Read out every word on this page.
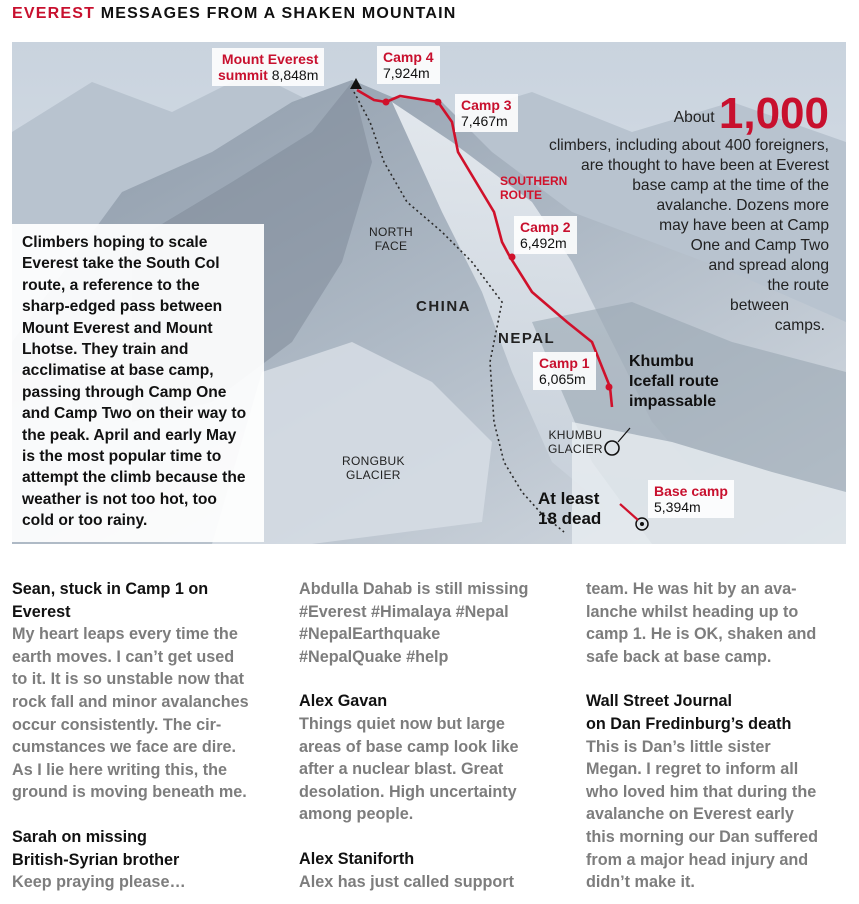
EVEREST MESSAGES FROM A SHAKEN MOUNTAIN
Mount Everest
summit 8,848m
Camp 4
7,924m
Camp 3
7,467m
SOUTHERN
ROUTE
Camp 2
6,492m
NORTH
FACE
CHINA
NEPAL
Camp 1
6,065m
Khumbu
Icefall route
impassable
KHUMBU
GLACIER
RONGBUK
GLACIER
At least
18 dead
Base camp
5,394m
About 1,000
climbers, including about 400 foreigners,
are thought to have been at Everest
base camp at the time of the
avalanche. Dozens more
may have been at Camp
One and Camp Two
and spread along
the route
between
camps.
Climbers hoping to scale
Everest take the South Col
route, a reference to the
sharp-edged pass between
Mount Everest and Mount
Lhotse. They train and
acclimatise at base camp,
passing through Camp One
and Camp Two on their way to
the peak. April and early May
is the most popular time to
attempt the climb because the
weather is not too hot, too
cold or too rainy.
Sean, stuck in Camp 1 on
Everest
My heart leaps every time the
earth moves. I can’t get used
to it. It is so unstable now that
rock fall and minor avalanches
occur consistently. The cir-
cumstances we face are dire.
As I lie here writing this, the
ground is moving beneath me.
Sarah on missing
British-Syrian brother
Keep praying please…
Abdulla Dahab is still missing
#Everest #Himalaya #Nepal
#NepalEarthquake
#NepalQuake #help
Alex Gavan
Things quiet now but large
areas of base camp look like
after a nuclear blast. Great
desolation. High uncertainty
among people.
Alex Staniforth
Alex has just called support
team. He was hit by an ava-
lanche whilst heading up to
camp 1. He is OK, shaken and
safe back at base camp.
Wall Street Journal
on Dan Fredinburg’s death
This is Dan’s little sister
Megan. I regret to inform all
who loved him that during the
avalanche on Everest early
this morning our Dan suffered
from a major head injury and
didn’t make it.
